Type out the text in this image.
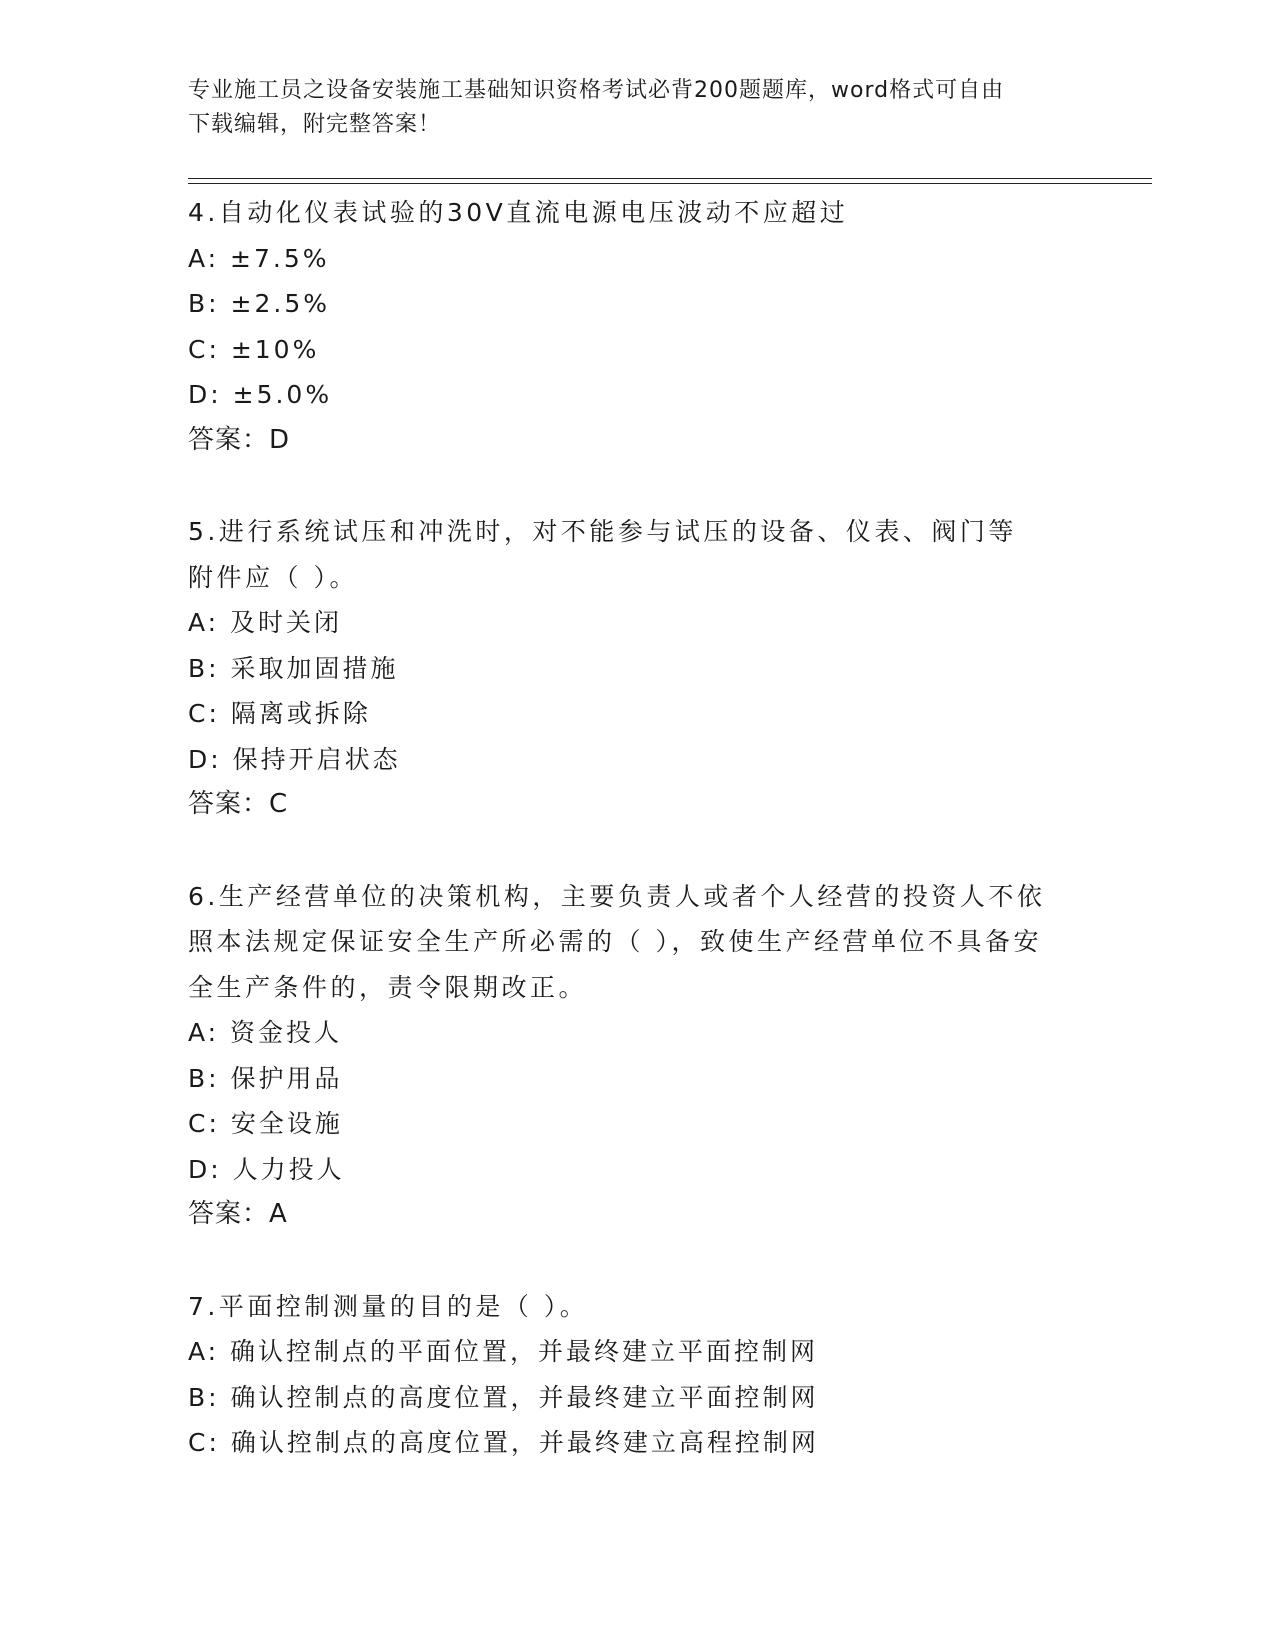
专业施工员之设备安装施工基础知识资格考试必背200题题库，word格式可自由
下载编辑，附完整答案！
4.自动化仪表试验的30V直流电源电压波动不应超过
A: ±7.5%
B: ±2.5%
C: ±10%
D: ±5.0%
答案：D
5.进行系统试压和冲洗时，对不能参与试压的设备、仪表、阀门等附件应（ ）。
A: 及时关闭
B: 采取加固措施
C: 隔离或拆除
D: 保持开启状态
答案：C
6.生产经营单位的决策机构，主要负责人或者个人经营的投资人不依照本法规定保证安全生产所必需的（ ），致使生产经营单位不具备安全生产条件的，责令限期改正。
A: 资金投人
B: 保护用品
C: 安全设施
D: 人力投人
答案：A
7.平面控制测量的目的是（ ）。
A: 确认控制点的平面位置，并最终建立平面控制网
B: 确认控制点的高度位置，并最终建立平面控制网
C: 确认控制点的高度位置，并最终建立高程控制网
